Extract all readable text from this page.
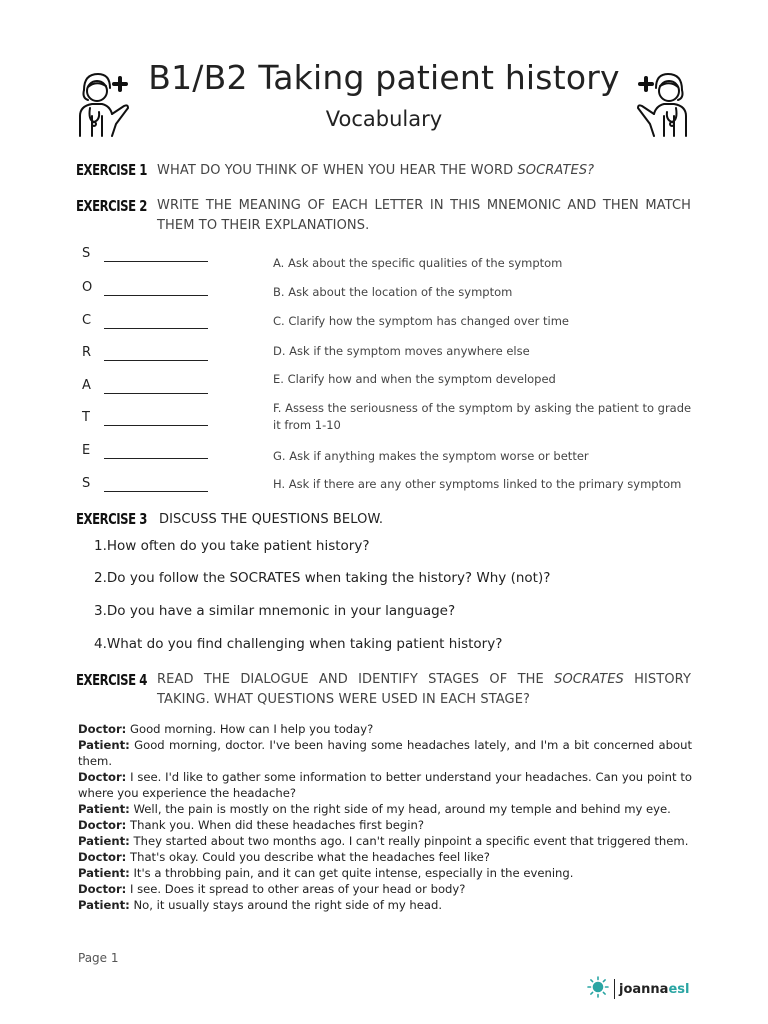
B1/B2 Taking patient history
Vocabulary
EXERCISE 1 WHAT DO YOU THINK OF WHEN YOU HEAR THE WORD SOCRATES?
EXERCISE 2 WRITE THE MEANING OF EACH LETTER IN THIS MNEMONIC AND THEN MATCH THEM TO THEIR EXPLANATIONS.
S
O
C
R
A
T
E
S
A. Ask about the specific qualities of the symptom
B. Ask about the location of the symptom
C. Clarify how the symptom has changed over time
D. Ask if the symptom moves anywhere else
E. Clarify how and when the symptom developed
F. Assess the seriousness of the symptom by asking the patient to grade it from 1-10
G. Ask if anything makes the symptom worse or better
H. Ask if there are any other symptoms linked to the primary symptom
EXERCISE 3 DISCUSS THE QUESTIONS BELOW.
1.How often do you take patient history?
2.Do you follow the SOCRATES when taking the history? Why (not)?
3.Do you have a similar mnemonic in your language?
4.What do you find challenging when taking patient history?
EXERCISE 4 READ THE DIALOGUE AND IDENTIFY STAGES OF THE SOCRATES HISTORY TAKING. WHAT QUESTIONS WERE USED IN EACH STAGE?

Doctor: Good morning. How can I help you today?

Patient: Good morning, doctor. I've been having some headaches lately, and I'm a bit concerned about them.

Doctor: I see. I'd like to gather some information to better understand your headaches. Can you point to where you experience the headache?

Patient: Well, the pain is mostly on the right side of my head, around my temple and behind my eye.

Doctor: Thank you. When did these headaches first begin?

Patient: They started about two months ago. I can't really pinpoint a specific event that triggered them.

Doctor: That's okay. Could you describe what the headaches feel like?

Patient: It's a throbbing pain, and it can get quite intense, especially in the evening.

Doctor: I see. Does it spread to other areas of your head or body?

Patient: No, it usually stays around the right side of my head.

Page 1
joannaesl
